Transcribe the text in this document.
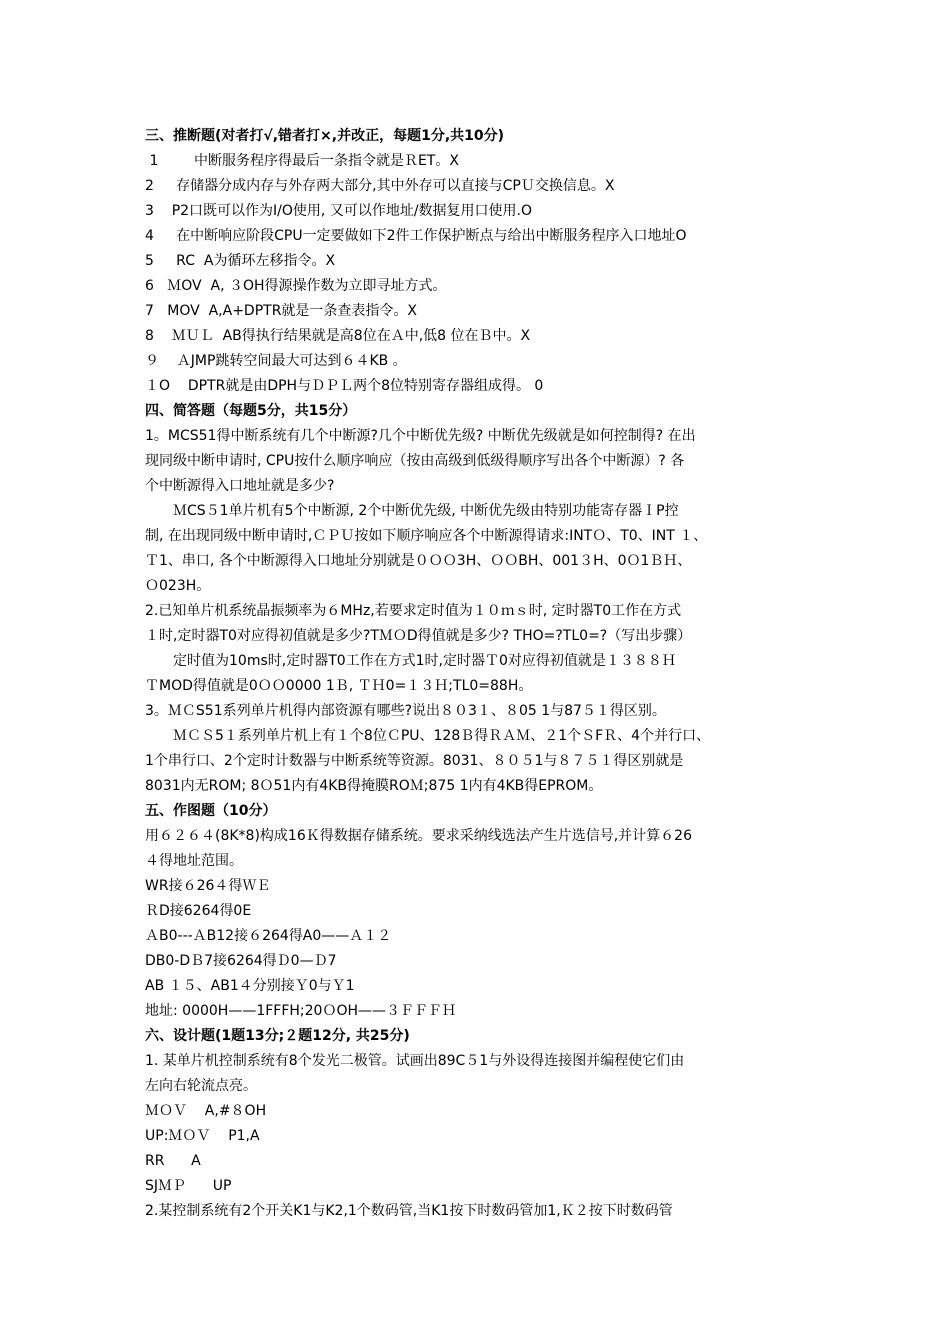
三、推断题(对者打√,错者打×,并改正，每题1分,共10分)
1        中断服务程序得最后一条指令就是ＲET。X
2     存储器分成内存与外存两大部分,其中外存可以直接与CPＵ交换信息。X
3    P2口既可以作为I/O使用, 又可以作地址/数据复用口使用.O
4     在中断响应阶段CPU一定要做如下2件工作保护断点与给出中断服务程序入口地址O
5     RC  A为循环左移指令。X
6   ＭOV  A, ３OH得源操作数为立即寻址方式。
7   MOV  A,A+DPTR就是一条查表指令。X
8    ＭＵＬ  AB得执行结果就是高8位在Ａ中,低8 位在Ｂ中。X
９    ＡJMP跳转空间最大可达到６４KB 。
１O    DPTR就是由DPH与ＤＰＬ两个8位特别寄存器组成得。 0
四、简答题（每题5分，共15分）
1。MCS51得中断系统有几个中断源?几个中断优先级? 中断优先级就是如何控制得? 在出
现同级中断申请时, CPU按什么顺序响应（按由高级到低级得顺序写出各个中断源）? 各
个中断源得入口地址就是多少?
ＭCS５1单片机有5个中断源, 2个中断优先级, 中断优先级由特别功能寄存器ＩP控
制, 在出现同级中断申请时,ＣＰＵ按如下顺序响应各个中断源得请求:INTＯ、T0、INT １、
Ｔ1、串口, 各个中断源得入口地址分别就是０ＯＯ3H、ＯＯBH、001３H、0Ｏ1ＢＨ、
Ｏ023H。
2.已知单片机系统晶振频率为６MHz,若要求定时值为１０ｍｓ时, 定时器T0工作在方式
１时,定时器T0对应得初值就是多少?TＭＯD得值就是多少? THO=?TL0=?（写出步骤）
定时值为10ms时,定时器T0工作在方式1时,定时器Ｔ0对应得初值就是１３８８Ｈ
ＴMOD得值就是0ＯＯ0000 1Ｂ, ＴＨ0=１３Ｈ;TL0=88H。
3。ＭＣS51系列单片机得内部资源有哪些?说出８０3１、８05 1与87５１得区别。
ＭＣＳ5１系列单片机上有１个8位ＣPU、128Ｂ得ＲＡＭ、２1个ＳFＲ、4个并行口、
1个串行口、2个定时计数器与中断系统等资源。8031、８０５1与８７５１得区别就是
8031内无ROM; 8Ｏ51内有4KB得掩膜ROＭ;875 1内有4KB得EPROM。
五、作图题（10分）
用６２６４(8K*8)构成16Ｋ得数据存储系统。要求采纳线选法产生片选信号,并计算６26
４得地址范围。
WR接６26４得ＷＥ
ＲD接6264得0E
ＡB0---ＡB12接６264得A0——Ａ１２
DB0-DＢ7接6264得Ｄ0—Ｄ7
AB １５、AB1４分别接Ｙ0与Ｙ1
地址: 0000H——1FFFH;20ＯOH——３ＦＦＦＨ
六、设计题(1题13分;２题12分, 共25分)
1. 某单片机控制系统有8个发光二极管。试画出89C５1与外设得连接图并编程使它们由
左向右轮流点亮。
ＭＯＶ    A,#８OH
UP:ＭＯＶ    P1,A
RR      A
SJＭＰ      UP
2.某控制系统有2个开关K1与K2,1个数码管,当K1按下时数码管加1,Ｋ２按下时数码管
